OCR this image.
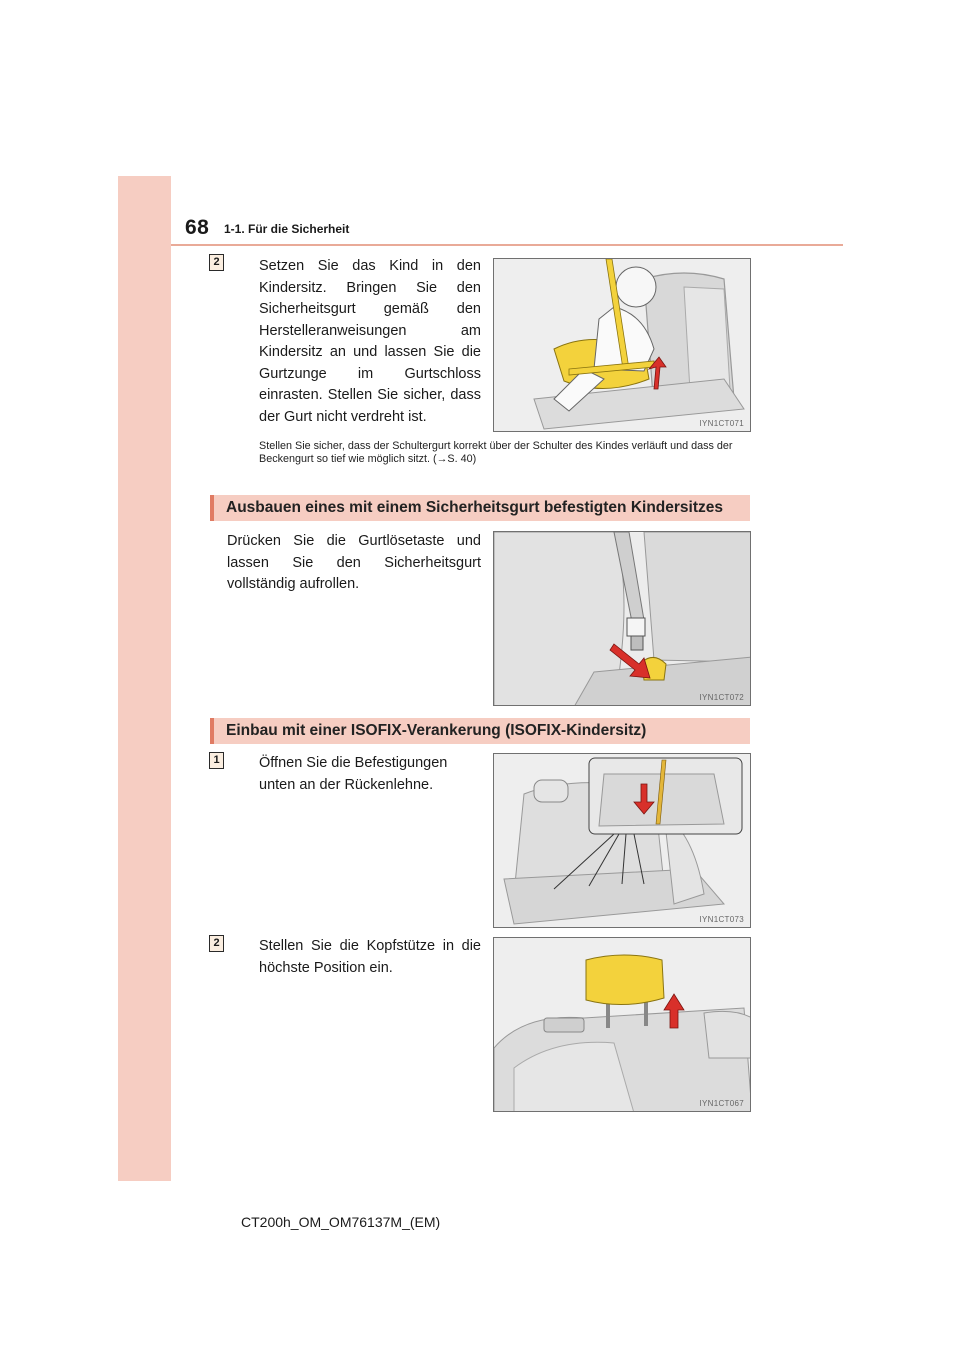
68 1-1. Für die Sicherheit
2	Setzen Sie das Kind in den Kindersitz. Bringen Sie den Sicherheitsgurt gemäß den Herstelleranweisungen am Kindersitz an und lassen Sie die Gurtzunge im Gurtschloss einrasten. Stellen Sie sicher, dass der Gurt nicht verdreht ist.	IYN1CT071
Stellen Sie sicher, dass der Schultergurt korrekt über der Schulter des Kindes verläuft und dass der Beckengurt so tief wie möglich sitzt. (→S. 40)
Ausbauen eines mit einem Sicherheitsgurt befestigten Kindersitzes
Drücken Sie die Gurtlösetaste und lassen Sie den Sicherheitsgurt vollständig aufrollen.
IYN1CT072
Einbau mit einer ISOFIX-Verankerung (ISOFIX-Kindersitz)
1	Öffnen Sie die Befestigungen unten an der Rückenlehne.
IYN1CT073
2	Stellen Sie die Kopfstütze in die höchste Position ein.
IYN1CT067
CT200h_OM_OM76137M_(EM)
